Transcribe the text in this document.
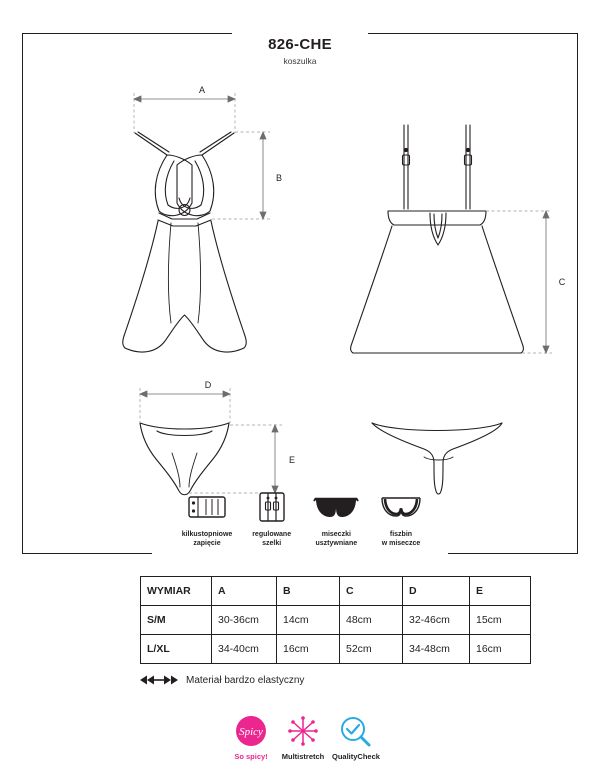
826-CHE
koszulka
A
B
C
D
E
kilkustopniowe
zapięcie
regulowane
szelki
miseczki
usztywniane
fiszbin
w miseczce
WYMIAR	A	B	C	D	E
S/M	30-36cm	14cm	48cm	32-46cm	15cm
L/XL	34-40cm	16cm	52cm	34-48cm	16cm
Materiał bardzo elastyczny
Spicy
So spicy!	Multistretch QualityCheck
